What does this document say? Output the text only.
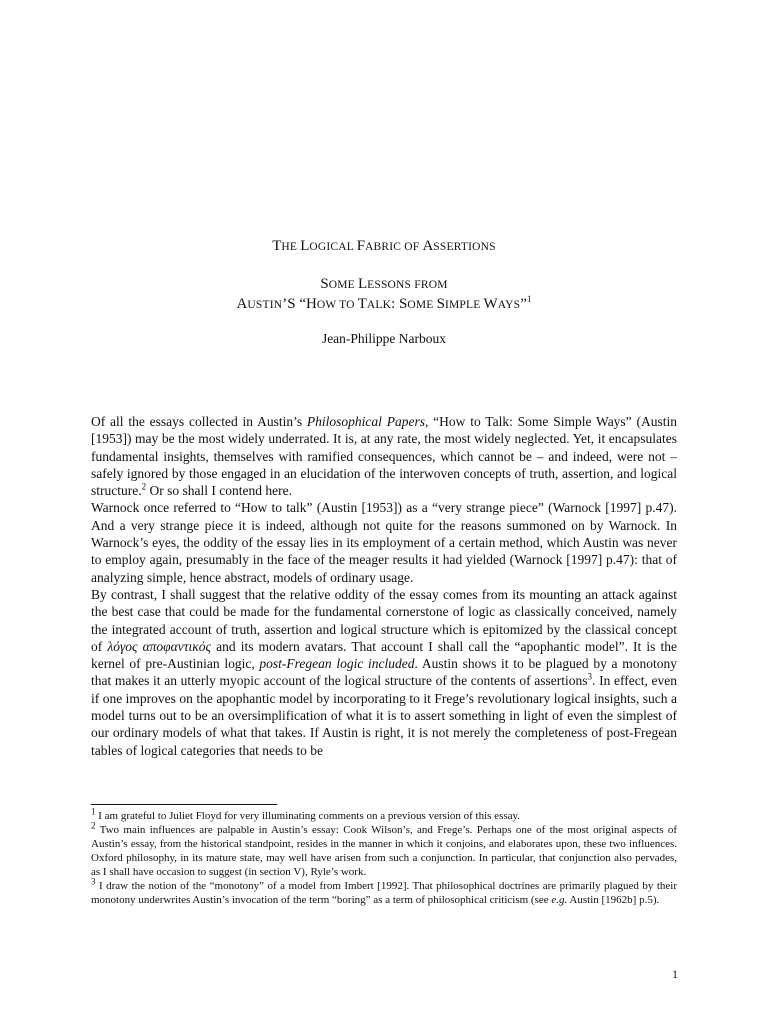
THE LOGICAL FABRIC OF ASSERTIONS
SOME LESSONS FROM
AUSTIN’S “HOW TO TALK: SOME SIMPLE WAYS”$^1$
Jean-Philippe Narboux

Of all the essays collected in Austin’s Philosophical Papers, “How to Talk: Some Simple Ways” (Austin [1953]) may be the most widely underrated. It is, at any rate, the most widely neglected. Yet, it encapsulates fundamental insights, themselves with ramified consequences, which cannot be – and indeed, were not – safely ignored by those engaged in an elucidation of the interwoven concepts of truth, assertion, and logical structure.$^2$ Or so shall I contend here.

Warnock once referred to “How to talk” (Austin [1953]) as a “very strange piece” (Warnock [1997] p.47). And a very strange piece it is indeed, although not quite for the reasons summoned on by Warnock. In Warnock’s eyes, the oddity of the essay lies in its employment of a certain method, which Austin was never to employ again, presumably in the face of the meager results it had yielded (Warnock [1997] p.47): that of analyzing simple, hence abstract, models of ordinary usage.

By contrast, I shall suggest that the relative oddity of the essay comes from its mounting an attack against the best case that could be made for the fundamental cornerstone of logic as classically conceived, namely the integrated account of truth, assertion and logical structure which is epitomized by the classical concept of λόγος αποφαντικός and its modern avatars. That account I shall call the “apophantic model”. It is the kernel of pre-Austinian logic, post-Fregean logic included. Austin shows it to be plagued by a monotony that makes it an utterly myopic account of the logical structure of the contents of assertions$^3$. In effect, even if one improves on the apophantic model by incorporating to it Frege’s revolutionary logical insights, such a model turns out to be an oversimplification of what it is to assert something in light of even the simplest of our ordinary models of what that takes. If Austin is right, it is not merely the completeness of post-Fregean tables of logical categories that needs to be

$^1$ I am grateful to Juliet Floyd for very illuminating comments on a previous version of this essay.

$^2$ Two main influences are palpable in Austin’s essay: Cook Wilson’s, and Frege’s. Perhaps one of the most original aspects of Austin’s essay, from the historical standpoint, resides in the manner in which it conjoins, and elaborates upon, these two influences. Oxford philosophy, in its mature state, may well have arisen from such a conjunction. In particular, that conjunction also pervades, as I shall have occasion to suggest (in section V), Ryle’s work.

$^3$ I draw the notion of the “monotony” of a model from Imbert [1992]. That philosophical doctrines are primarily plagued by their monotony underwrites Austin’s invocation of the term “boring” as a term of philosophical criticism (see e.g. Austin [1962b] p.5).

1
